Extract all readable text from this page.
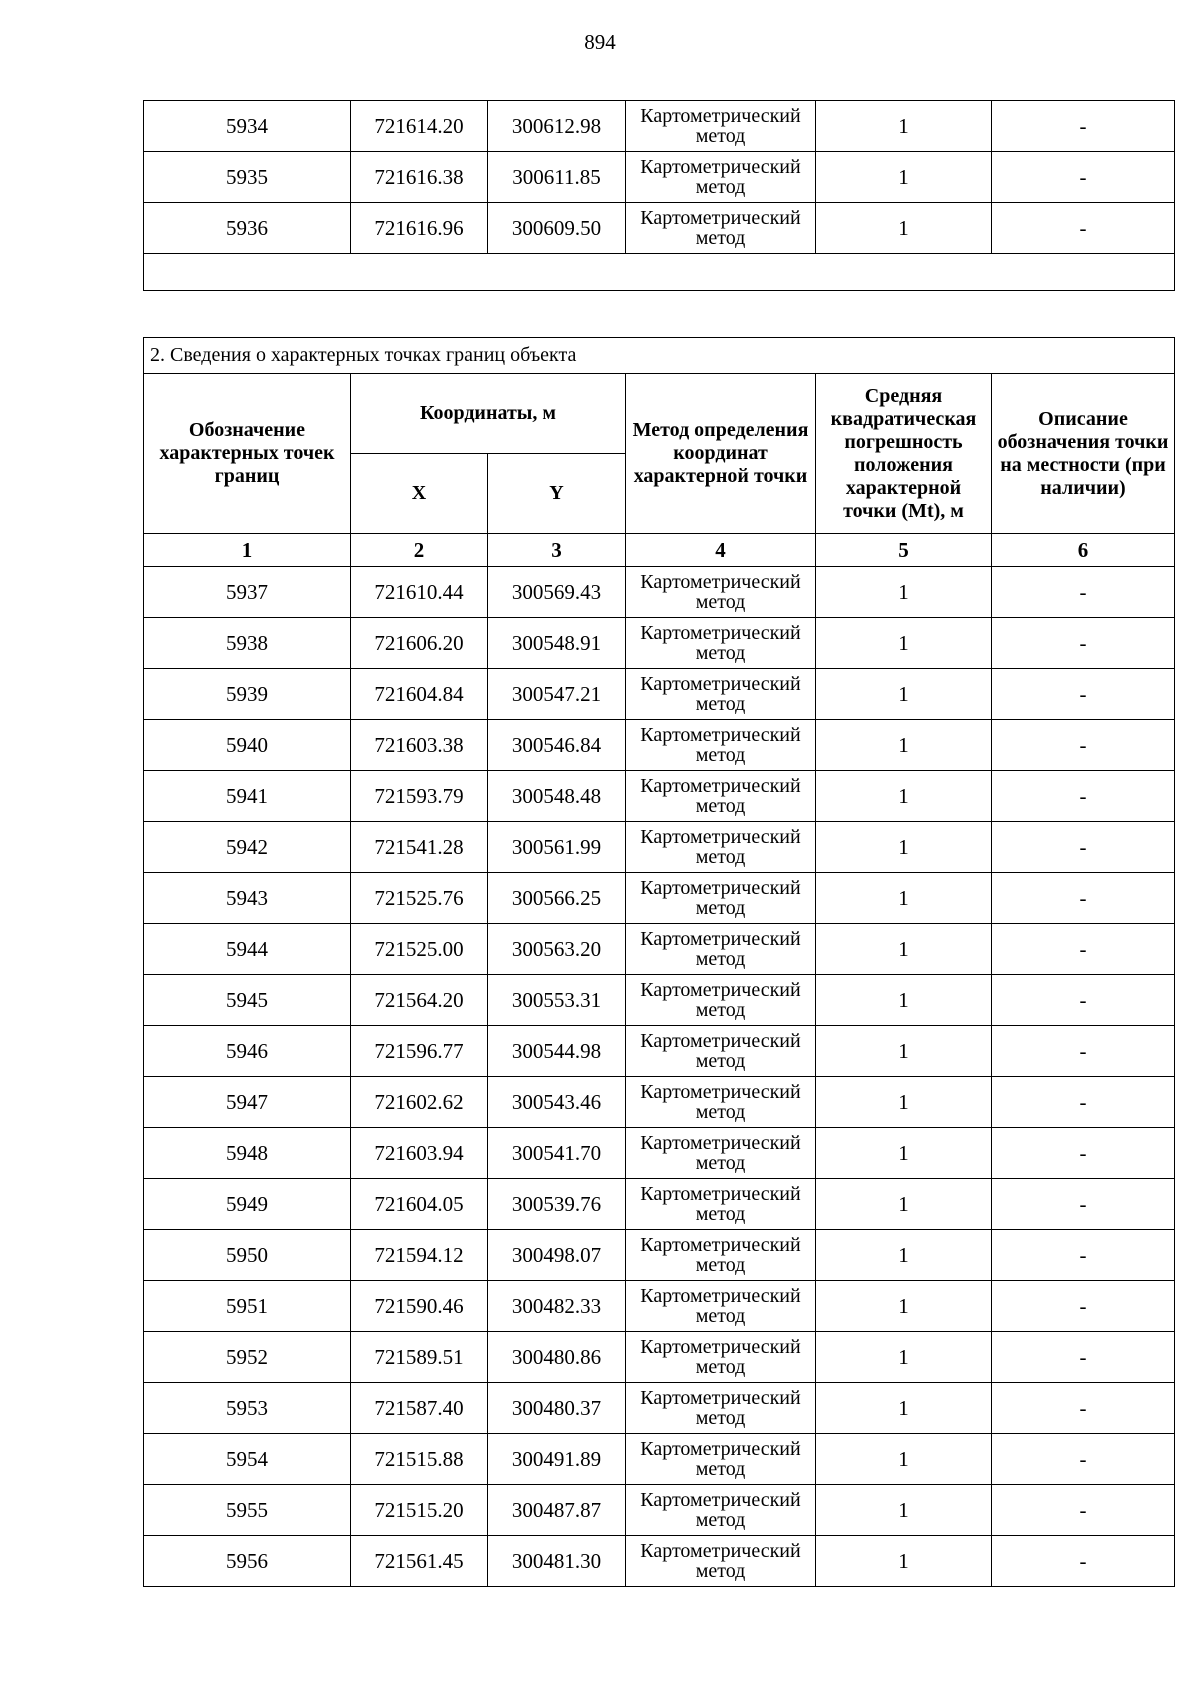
894
5934	721614.20	300612.98	Картометрический метод	1	-
5935	721616.38	300611.85	Картометрический метод	1	-
5936	721616.96	300609.50	Картометрический метод	1	-

2. Сведения о характерных точках границ объекта					
Обозначение характерных точек границ	Координаты, м		Метод определения координат характерной точки	Средняя квадратическая погрешность положения характерной точки (Mt), м	Описание обозначения точки на местности (при наличии)
	X	Y			
1	2	3	4	5	6
5937	721610.44	300569.43	Картометрический метод	1	-
5938	721606.20	300548.91	Картометрический метод	1	-
5939	721604.84	300547.21	Картометрический метод	1	-
5940	721603.38	300546.84	Картометрический метод	1	-
5941	721593.79	300548.48	Картометрический метод	1	-
5942	721541.28	300561.99	Картометрический метод	1	-
5943	721525.76	300566.25	Картометрический метод	1	-
5944	721525.00	300563.20	Картометрический метод	1	-
5945	721564.20	300553.31	Картометрический метод	1	-
5946	721596.77	300544.98	Картометрический метод	1	-
5947	721602.62	300543.46	Картометрический метод	1	-
5948	721603.94	300541.70	Картометрический метод	1	-
5949	721604.05	300539.76	Картометрический метод	1	-
5950	721594.12	300498.07	Картометрический метод	1	-
5951	721590.46	300482.33	Картометрический метод	1	-
5952	721589.51	300480.86	Картометрический метод	1	-
5953	721587.40	300480.37	Картометрический метод	1	-
5954	721515.88	300491.89	Картометрический метод	1	-
5955	721515.20	300487.87	Картометрический метод	1	-
5956	721561.45	300481.30	Картометрический метод	1	-
